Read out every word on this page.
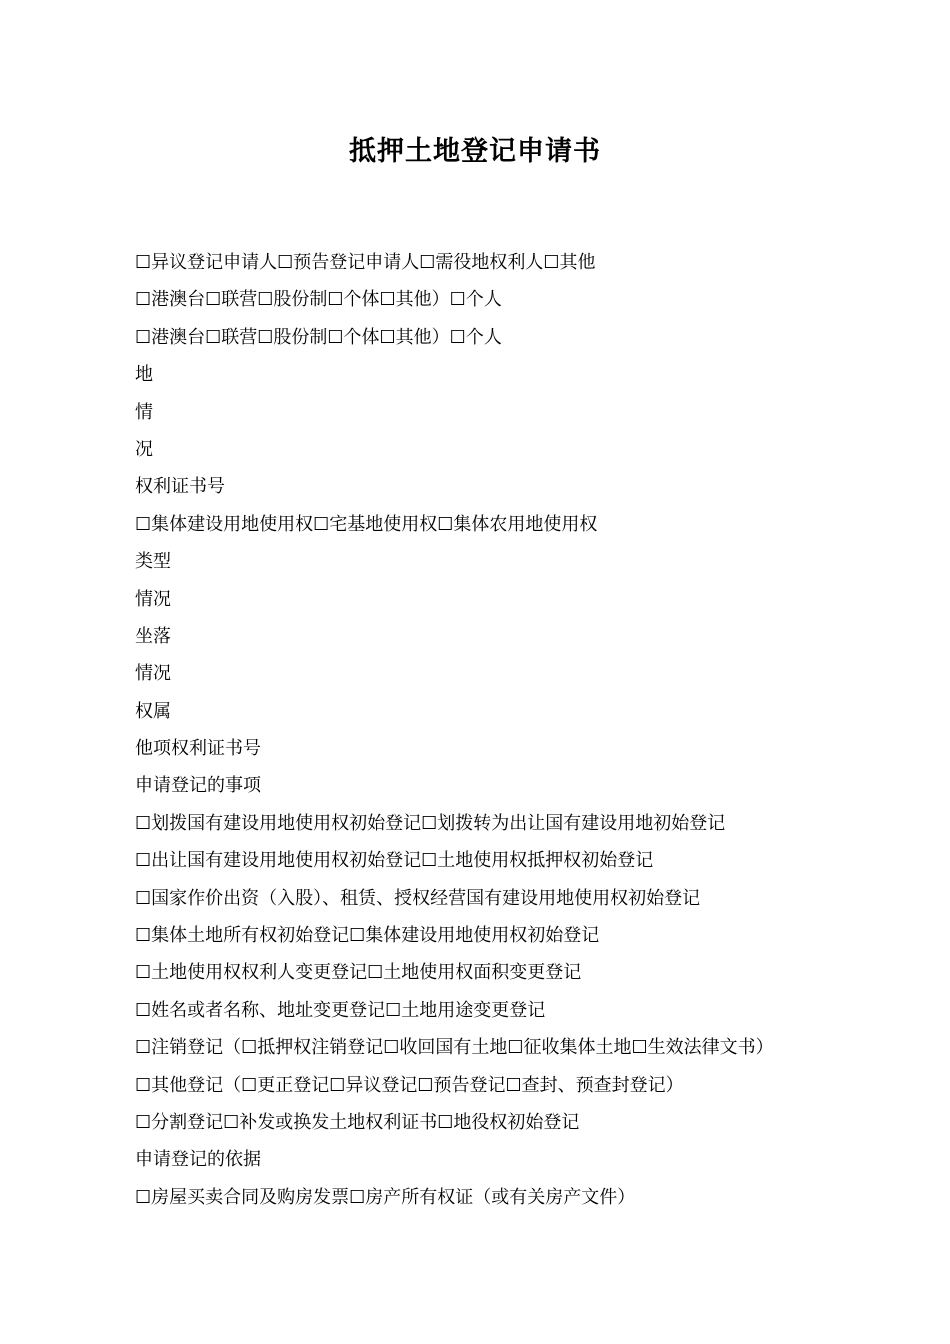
抵押土地登记申请书
☐异议登记申请人☐预告登记申请人☐需役地权利人☐其他
☐港澳台☐联营☐股份制☐个体☐其他）☐个人
☐港澳台☐联营☐股份制☐个体☐其他）☐个人
地
情
况
权利证书号
☐集体建设用地使用权☐宅基地使用权☐集体农用地使用权
类型
情况
坐落
情况
权属
他项权利证书号
申请登记的事项
☐划拨国有建设用地使用权初始登记☐划拨转为出让国有建设用地初始登记
☐出让国有建设用地使用权初始登记☐土地使用权抵押权初始登记
☐国家作价出资（入股）、租赁、授权经营国有建设用地使用权初始登记
☐集体土地所有权初始登记☐集体建设用地使用权初始登记
☐土地使用权权利人变更登记☐土地使用权面积变更登记
☐姓名或者名称、地址变更登记☐土地用途变更登记
☐注销登记（☐抵押权注销登记☐收回国有土地☐征收集体土地☐生效法律文书）
☐其他登记（☐更正登记☐异议登记☐预告登记☐查封、预查封登记）
☐分割登记☐补发或换发土地权利证书☐地役权初始登记
申请登记的依据
☐房屋买卖合同及购房发票☐房产所有权证（或有关房产文件）
